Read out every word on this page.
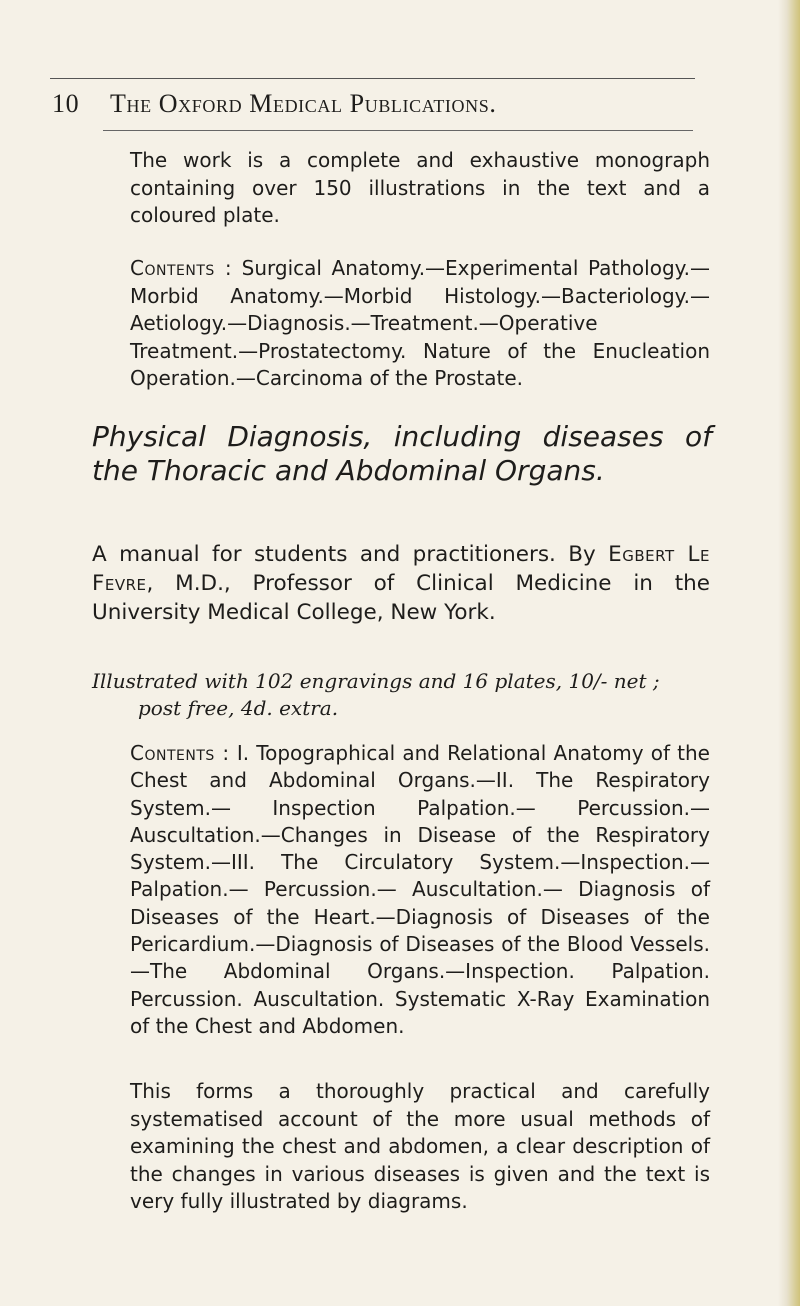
10 The Oxford Medical Publications.

The work is a complete and exhaustive monograph containing over 150 illustrations in the text and a coloured plate.

Contents : Surgical Anatomy.—Experimental Pathology.—Morbid Anatomy.—Morbid Histology.—Bacteriology.—Aetiology.—Diagnosis.—Treatment.—Operative Treatment.—Prostatectomy. Nature of the Enucleation Operation.—Carcinoma of the Prostate.

Physical Diagnosis, including diseases of the Thoracic and Abdominal Organs.

A manual for students and practitioners. By Egbert Le Fevre, M.D., Professor of Clinical Medicine in the University Medical College, New York.

Illustrated with 102 engravings and 16 plates, 10/- net ;
post free, 4d. extra.

Contents : I. Topographical and Relational Anatomy of the Chest and Abdominal Organs.—II. The Respiratory System.— Inspection Palpation.— Percussion.— Auscultation.—Changes in Disease of the Respiratory System.—III. The Circulatory System.—Inspection.— Palpation.— Percussion.— Auscultation.— Diagnosis of Diseases of the Heart.—Diagnosis of Diseases of the Pericardium.—Diagnosis of Diseases of the Blood Vessels. —The Abdominal Organs.—Inspection. Palpation. Percussion. Auscultation. Systematic X-Ray Examination of the Chest and Abdomen.

This forms a thoroughly practical and carefully systematised account of the more usual methods of examining the chest and abdomen, a clear description of the changes in various diseases is given and the text is very fully illustrated by diagrams.
